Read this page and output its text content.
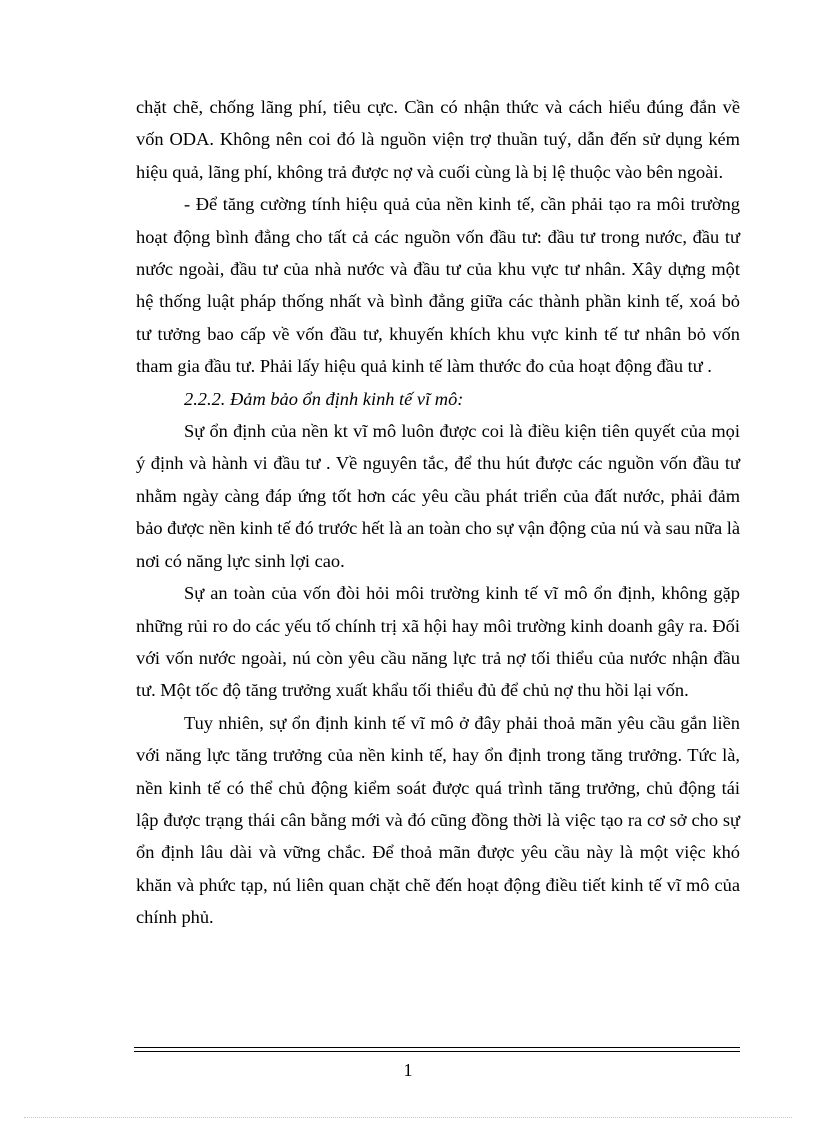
chặt chẽ, chống lãng phí, tiêu cực. Cần có nhận thức và cách hiểu đúng đắn về vốn ODA. Không nên coi đó là nguồn viện trợ thuần tuý, dẫn đến sử dụng kém hiệu quả, lãng phí, không trả được nợ và cuối cùng là bị lệ thuộc vào bên ngoài.

- Để tăng cường tính hiệu quả của nền kinh tế, cần phải tạo ra môi trường hoạt động bình đẳng cho tất cả các nguồn vốn đầu tư: đầu tư trong nước, đầu tư nước ngoài, đầu tư của nhà nước và đầu tư của khu vực tư nhân. Xây dựng một hệ thống luật pháp thống nhất và bình đẳng giữa các thành phần kinh tế, xoá bỏ tư tưởng bao cấp về vốn đầu tư, khuyến khích khu vực kinh tế tư nhân bỏ vốn tham gia đầu tư. Phải lấy hiệu quả kinh tế làm thước đo của hoạt động đầu tư .

2.2.2. Đảm bảo ổn định kinh tế vĩ mô:

Sự ổn định của nền kt vĩ mô luôn được coi là điều kiện tiên quyết của mọi ý định và hành vi đầu tư . Về nguyên tắc, để thu hút được các nguồn vốn đầu tư nhằm ngày càng đáp ứng tốt hơn các yêu cầu phát triển của đất nước, phải đảm bảo được nền kinh tế đó trước hết là an toàn cho sự vận động của nú và sau nữa là nơi có năng lực sinh lợi cao.

Sự an toàn của vốn đòi hỏi môi trường kinh tế vĩ mô ổn định, không gặp những rủi ro do các yếu tố chính trị xã hội hay môi trường kinh doanh gây ra. Đối với vốn nước ngoài, nú còn yêu cầu năng lực trả nợ tối thiểu của nước nhận đầu tư. Một tốc độ tăng trưởng xuất khẩu tối thiểu đủ để chủ nợ thu hồi lại vốn.

Tuy nhiên, sự ổn định kinh tế vĩ mô ở đây phải thoả mãn yêu cầu gắn liền với năng lực tăng trưởng của nền kinh tế, hay ổn định trong tăng trưởng. Tức là, nền kinh tế có thể chủ động kiểm soát được quá trình tăng trưởng, chủ động tái lập được trạng thái cân bằng mới và đó cũng đồng thời là việc tạo ra cơ sở cho sự ổn định lâu dài và vững chắc. Để thoả mãn được yêu cầu này là một việc khó khăn và phức tạp, nú liên quan chặt chẽ đến hoạt động điều tiết kinh tế vĩ mô của chính phủ.

1
